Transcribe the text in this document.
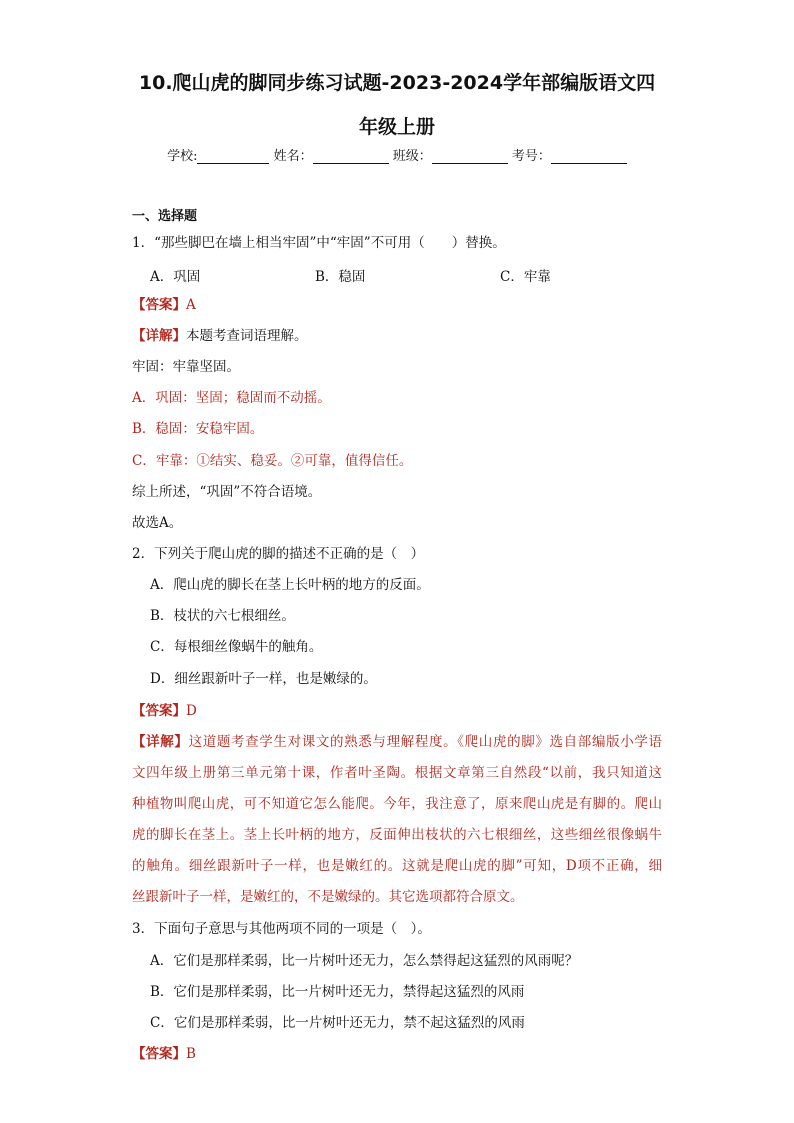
10.爬山虎的脚同步练习试题-2023-2024学年部编版语文四
年级上册
学校:	姓名：	班级：	考号：
一、选择题
1．“那些脚巴在墙上相当牢固”中“牢固”不可用（　　）替换。
A．巩固	B．稳固	C．牢靠
【答案】A
【详解】本题考查词语理解。
牢固：牢靠坚固。
A．巩固：坚固；稳固而不动摇。
B．稳固：安稳牢固。
C．牢靠：①结实、稳妥。②可靠，值得信任。
综上所述，“巩固”不符合语境。
故选A。
2．下列关于爬山虎的脚的描述不正确的是（　）
A．爬山虎的脚长在茎上长叶柄的地方的反面。
B．枝状的六七根细丝。
C．每根细丝像蜗牛的触角。
D．细丝跟新叶子一样，也是嫩绿的。
【答案】D
【详解】这道题考查学生对课文的熟悉与理解程度。《爬山虎的脚》选自部编版小学语
文四年级上册第三单元第十课，作者叶圣陶。根据文章第三自然段“以前，我只知道这
种植物叫爬山虎，可不知道它怎么能爬。今年，我注意了，原来爬山虎是有脚的。爬山
虎的脚长在茎上。茎上长叶柄的地方，反面伸出枝状的六七根细丝，这些细丝很像蜗牛
的触角。细丝跟新叶子一样，也是嫩红的。这就是爬山虎的脚”可知，D项不正确，细
丝跟新叶子一样，是嫩红的，不是嫩绿的。其它选项都符合原文。
3．下面句子意思与其他两项不同的一项是（　）。
A．它们是那样柔弱，比一片树叶还无力，怎么禁得起这猛烈的风雨呢？
B．它们是那样柔弱，比一片树叶还无力，禁得起这猛烈的风雨
C．它们是那样柔弱，比一片树叶还无力，禁不起这猛烈的风雨
【答案】B
